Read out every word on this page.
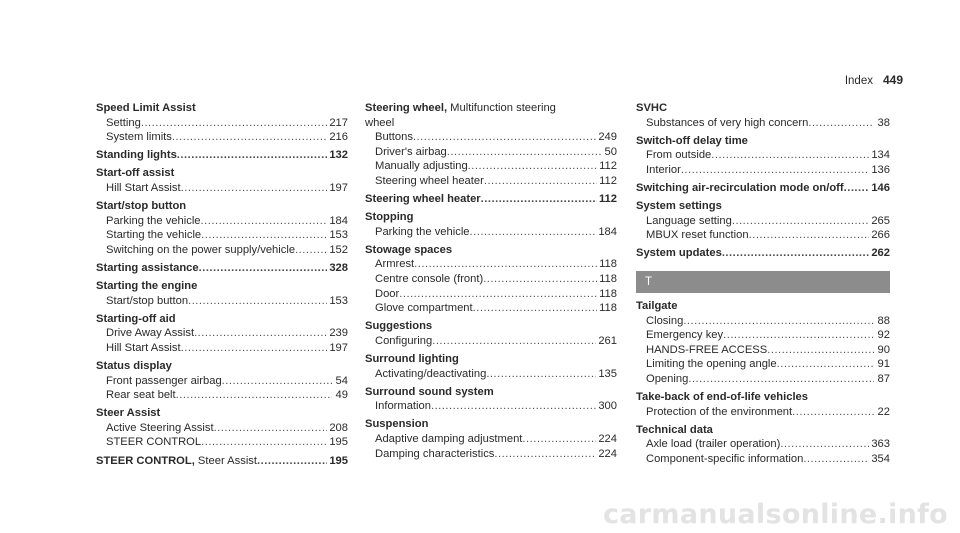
Index 449
Speed Limit Assist
Setting .....	217
System limits .....	216
Standing lights .....	132
Start-off assist
Hill Start Assist .....	197
Start/stop button
Parking the vehicle .....	184
Starting the vehicle .....	153
Switching on the power supply/vehicle .....	152
Starting assistance .....	328
Starting the engine
Start/stop button .....	153
Starting-off aid
Drive Away Assist .....	239
Hill Start Assist .....	197
Status display
Front passenger airbag .....	54
Rear seat belt .....	49
Steer Assist
Active Steering Assist .....	208
STEER CONTROL .....	195
STEER CONTROL, Steer Assist .....	195
Steering wheel, Multifunction steering
wheel
Buttons .....	249
Driver's airbag .....	50
Manually adjusting .....	112
Steering wheel heater .....	112
Steering wheel heater .....	112
Stopping
Parking the vehicle .....	184
Stowage spaces
Armrest .....	118
Centre console (front) .....	118
Door .....	118
Glove compartment .....	118
Suggestions
Configuring .....	261
Surround lighting
Activating/deactivating .....	135
Surround sound system
Information .....	300
Suspension
Adaptive damping adjustment .....	224
Damping characteristics .....	224
SVHC
Substances of very high concern .....	38
Switch-off delay time
From outside .....	134
Interior .....	136
Switching air-recirculation mode on/off ..... 146
System settings
Language setting .....	265
MBUX reset function .....	266
System updates .....	262
T
Tailgate
Closing .....	88
Emergency key .....	92
HANDS-FREE ACCESS .....	90
Limiting the opening angle .....	91
Opening .....	87
Take-back of end-of-life vehicles
Protection of the environment .....	22
Technical data
Axle load (trailer operation) .....	363
Component-specific information .....	354
carmanualsonline.info
